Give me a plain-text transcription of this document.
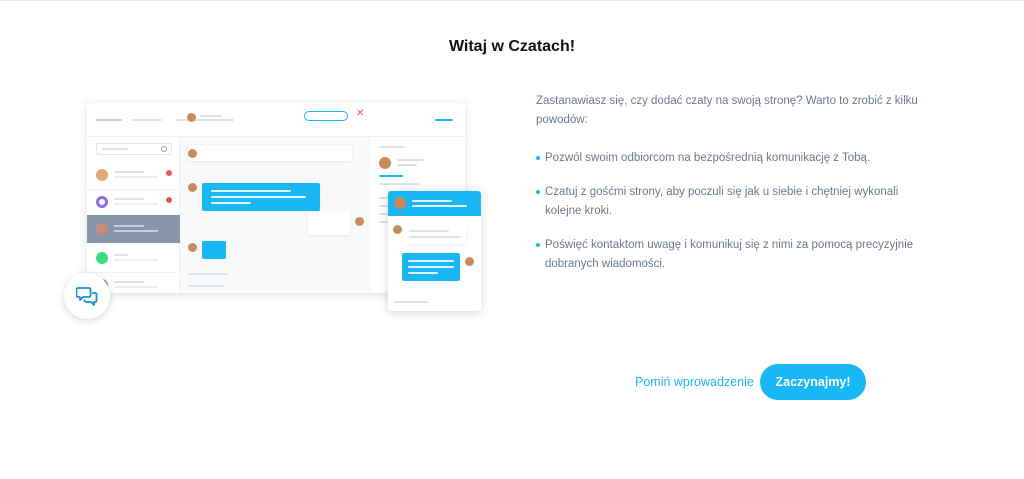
Witaj w Czatach!
✕

Zastanawiasz się, czy dodać czaty na swoją stronę? Warto to zrobić z kilku powodów:

Pozwól swoim odbiorcom na bezpośrednią komunikację z Tobą.
Czatuj z gośćmi strony, aby poczuli się jak u siebie i chętniej wykonali kolejne kroki.
Poświęć kontaktom uwagę i komunikuj się z nimi za pomocą precyzyjnie dobranych wiadomości.
Pomiń wprowadzenie	Zaczynajmy!
